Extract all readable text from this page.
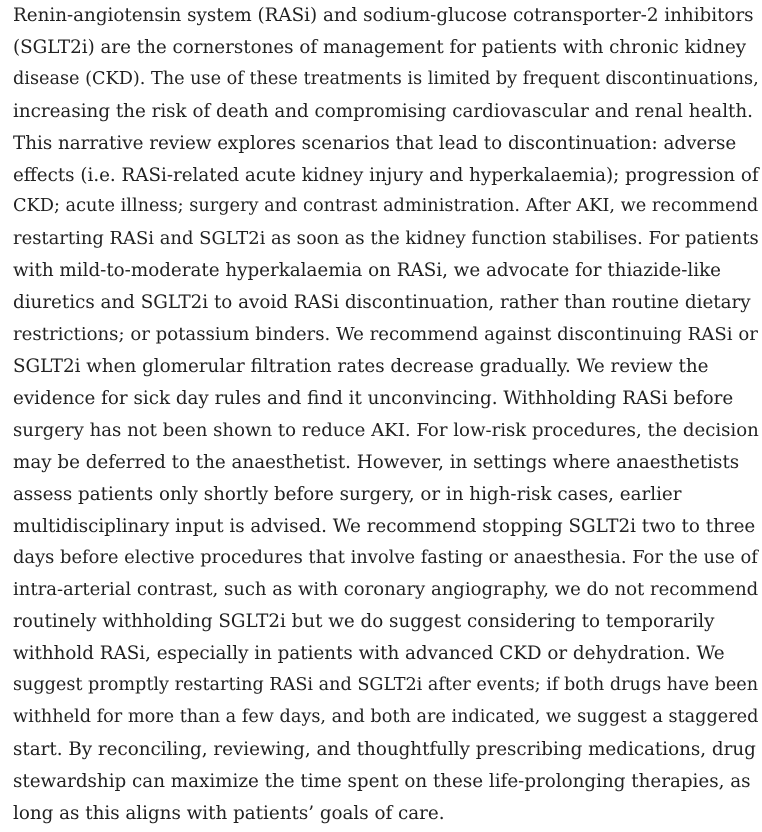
Renin-angiotensin system (RASi) and sodium-glucose cotransporter-2 inhibitors
(SGLT2i) are the cornerstones of management for patients with chronic kidney
disease (CKD). The use of these treatments is limited by frequent discontinuations,
increasing the risk of death and compromising cardiovascular and renal health.
This narrative review explores scenarios that lead to discontinuation: adverse
effects (i.e. RASi-related acute kidney injury and hyperkalaemia); progression of
CKD; acute illness; surgery and contrast administration. After AKI, we recommend
restarting RASi and SGLT2i as soon as the kidney function stabilises. For patients
with mild-to-moderate hyperkalaemia on RASi, we advocate for thiazide-like
diuretics and SGLT2i to avoid RASi discontinuation, rather than routine dietary
restrictions; or potassium binders. We recommend against discontinuing RASi or
SGLT2i when glomerular filtration rates decrease gradually. We review the
evidence for sick day rules and find it unconvincing. Withholding RASi before
surgery has not been shown to reduce AKI. For low-risk procedures, the decision
may be deferred to the anaesthetist. However, in settings where anaesthetists
assess patients only shortly before surgery, or in high-risk cases, earlier
multidisciplinary input is advised. We recommend stopping SGLT2i two to three
days before elective procedures that involve fasting or anaesthesia. For the use of
intra-arterial contrast, such as with coronary angiography, we do not recommend
routinely withholding SGLT2i but we do suggest considering to temporarily
withhold RASi, especially in patients with advanced CKD or dehydration. We
suggest promptly restarting RASi and SGLT2i after events; if both drugs have been
withheld for more than a few days, and both are indicated, we suggest a staggered
start. By reconciling, reviewing, and thoughtfully prescribing medications, drug
stewardship can maximize the time spent on these life-prolonging therapies, as
long as this aligns with patients’ goals of care.
